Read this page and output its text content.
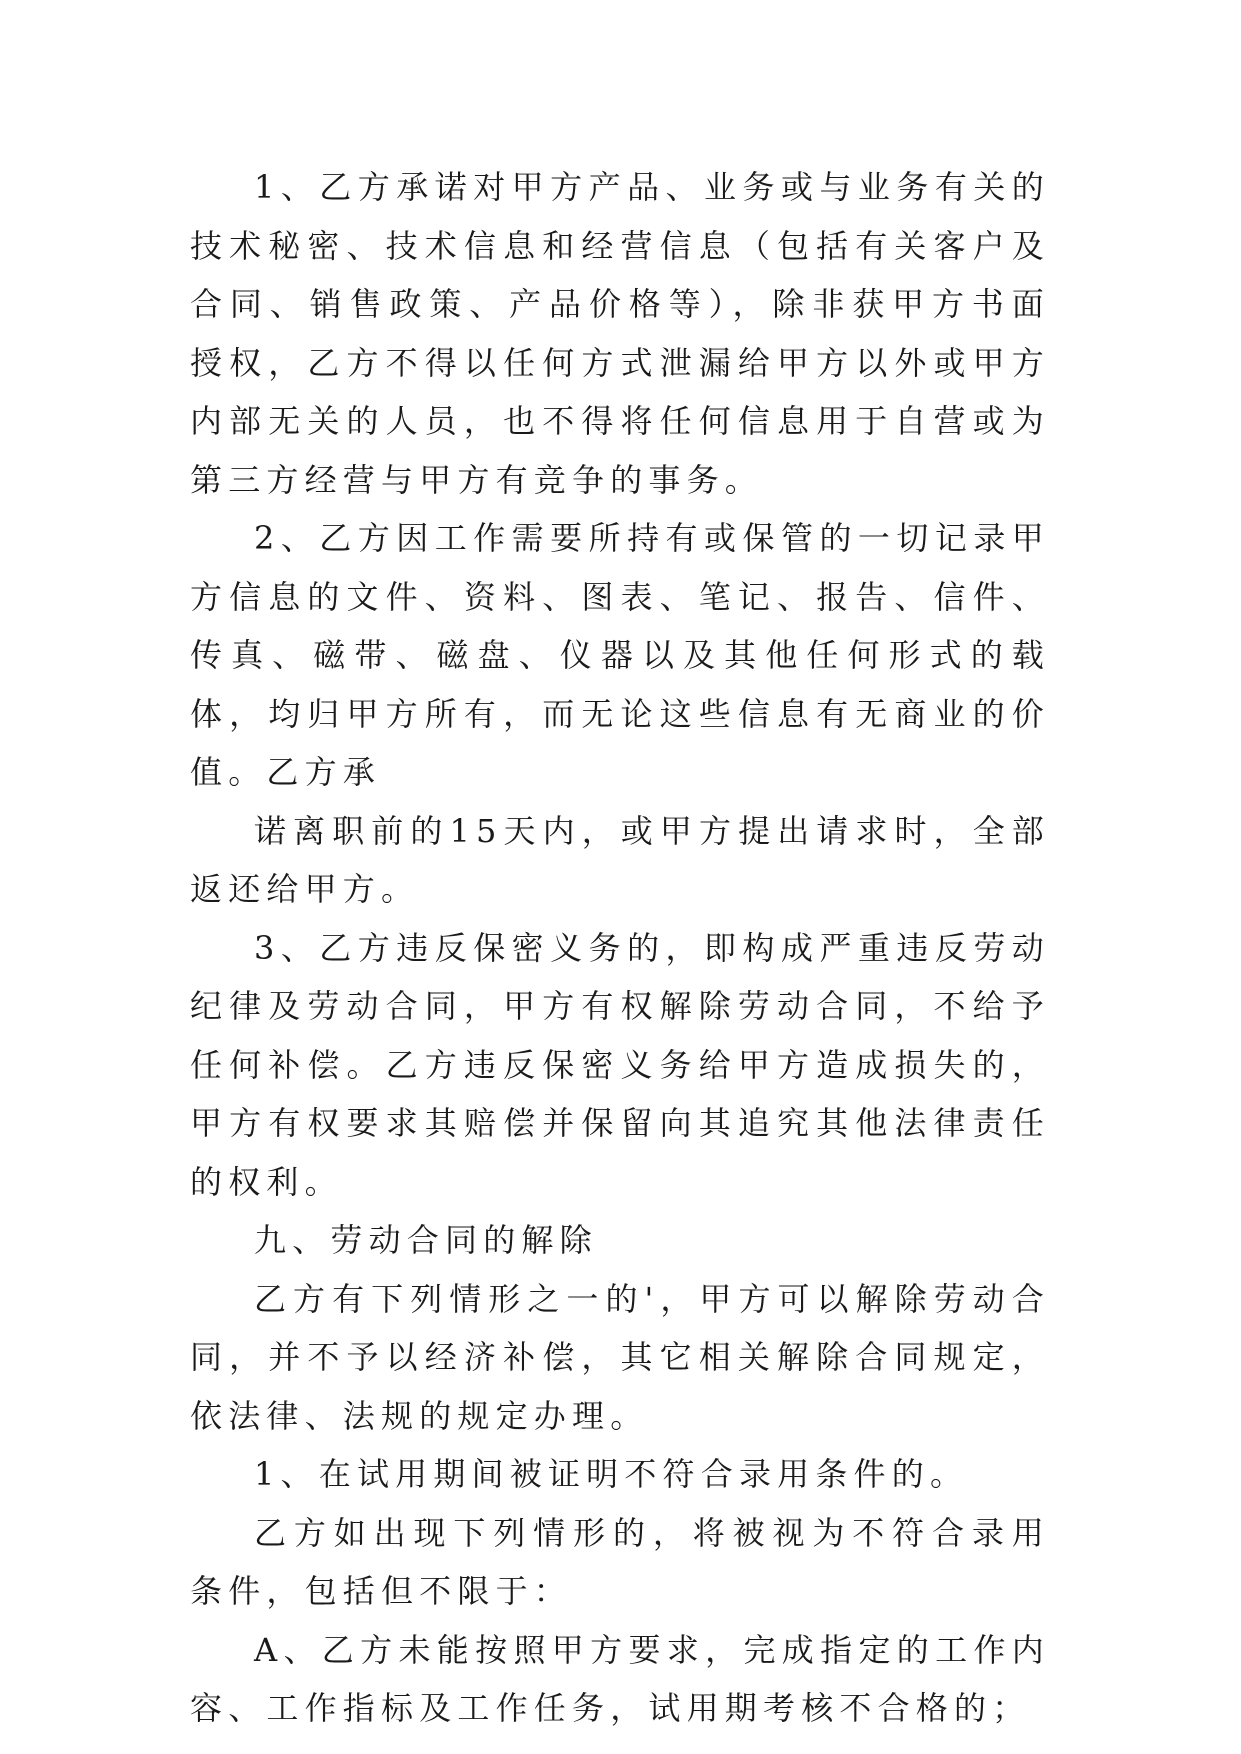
1、乙方承诺对甲方产品、业务或与业务有关的技术秘密、技术信息和经营信息（包括有关客户及合同、销售政策、产品价格等），除非获甲方书面授权，乙方不得以任何方式泄漏给甲方以外或甲方内部无关的人员，也不得将任何信息用于自营或为第三方经营与甲方有竞争的事务。

2、乙方因工作需要所持有或保管的一切记录甲方信息的文件、资料、图表、笔记、报告、信件、传真、磁带、磁盘、仪器以及其他任何形式的载体，均归甲方所有，而无论这些信息有无商业的价值。乙方承

诺离职前的15天内，或甲方提出请求时，全部返还给甲方。

3、乙方违反保密义务的，即构成严重违反劳动纪律及劳动合同，甲方有权解除劳动合同，不给予任何补偿。乙方违反保密义务给甲方造成损失的，甲方有权要求其赔偿并保留向其追究其他法律责任的权利。

九、劳动合同的解除

乙方有下列情形之一的'，甲方可以解除劳动合同，并不予以经济补偿，其它相关解除合同规定，依法律、法规的规定办理。

1、在试用期间被证明不符合录用条件的。

乙方如出现下列情形的，将被视为不符合录用条件，包括但不限于：

A、乙方未能按照甲方要求，完成指定的工作内容、工作指标及工作任务，试用期考核不合格的；
